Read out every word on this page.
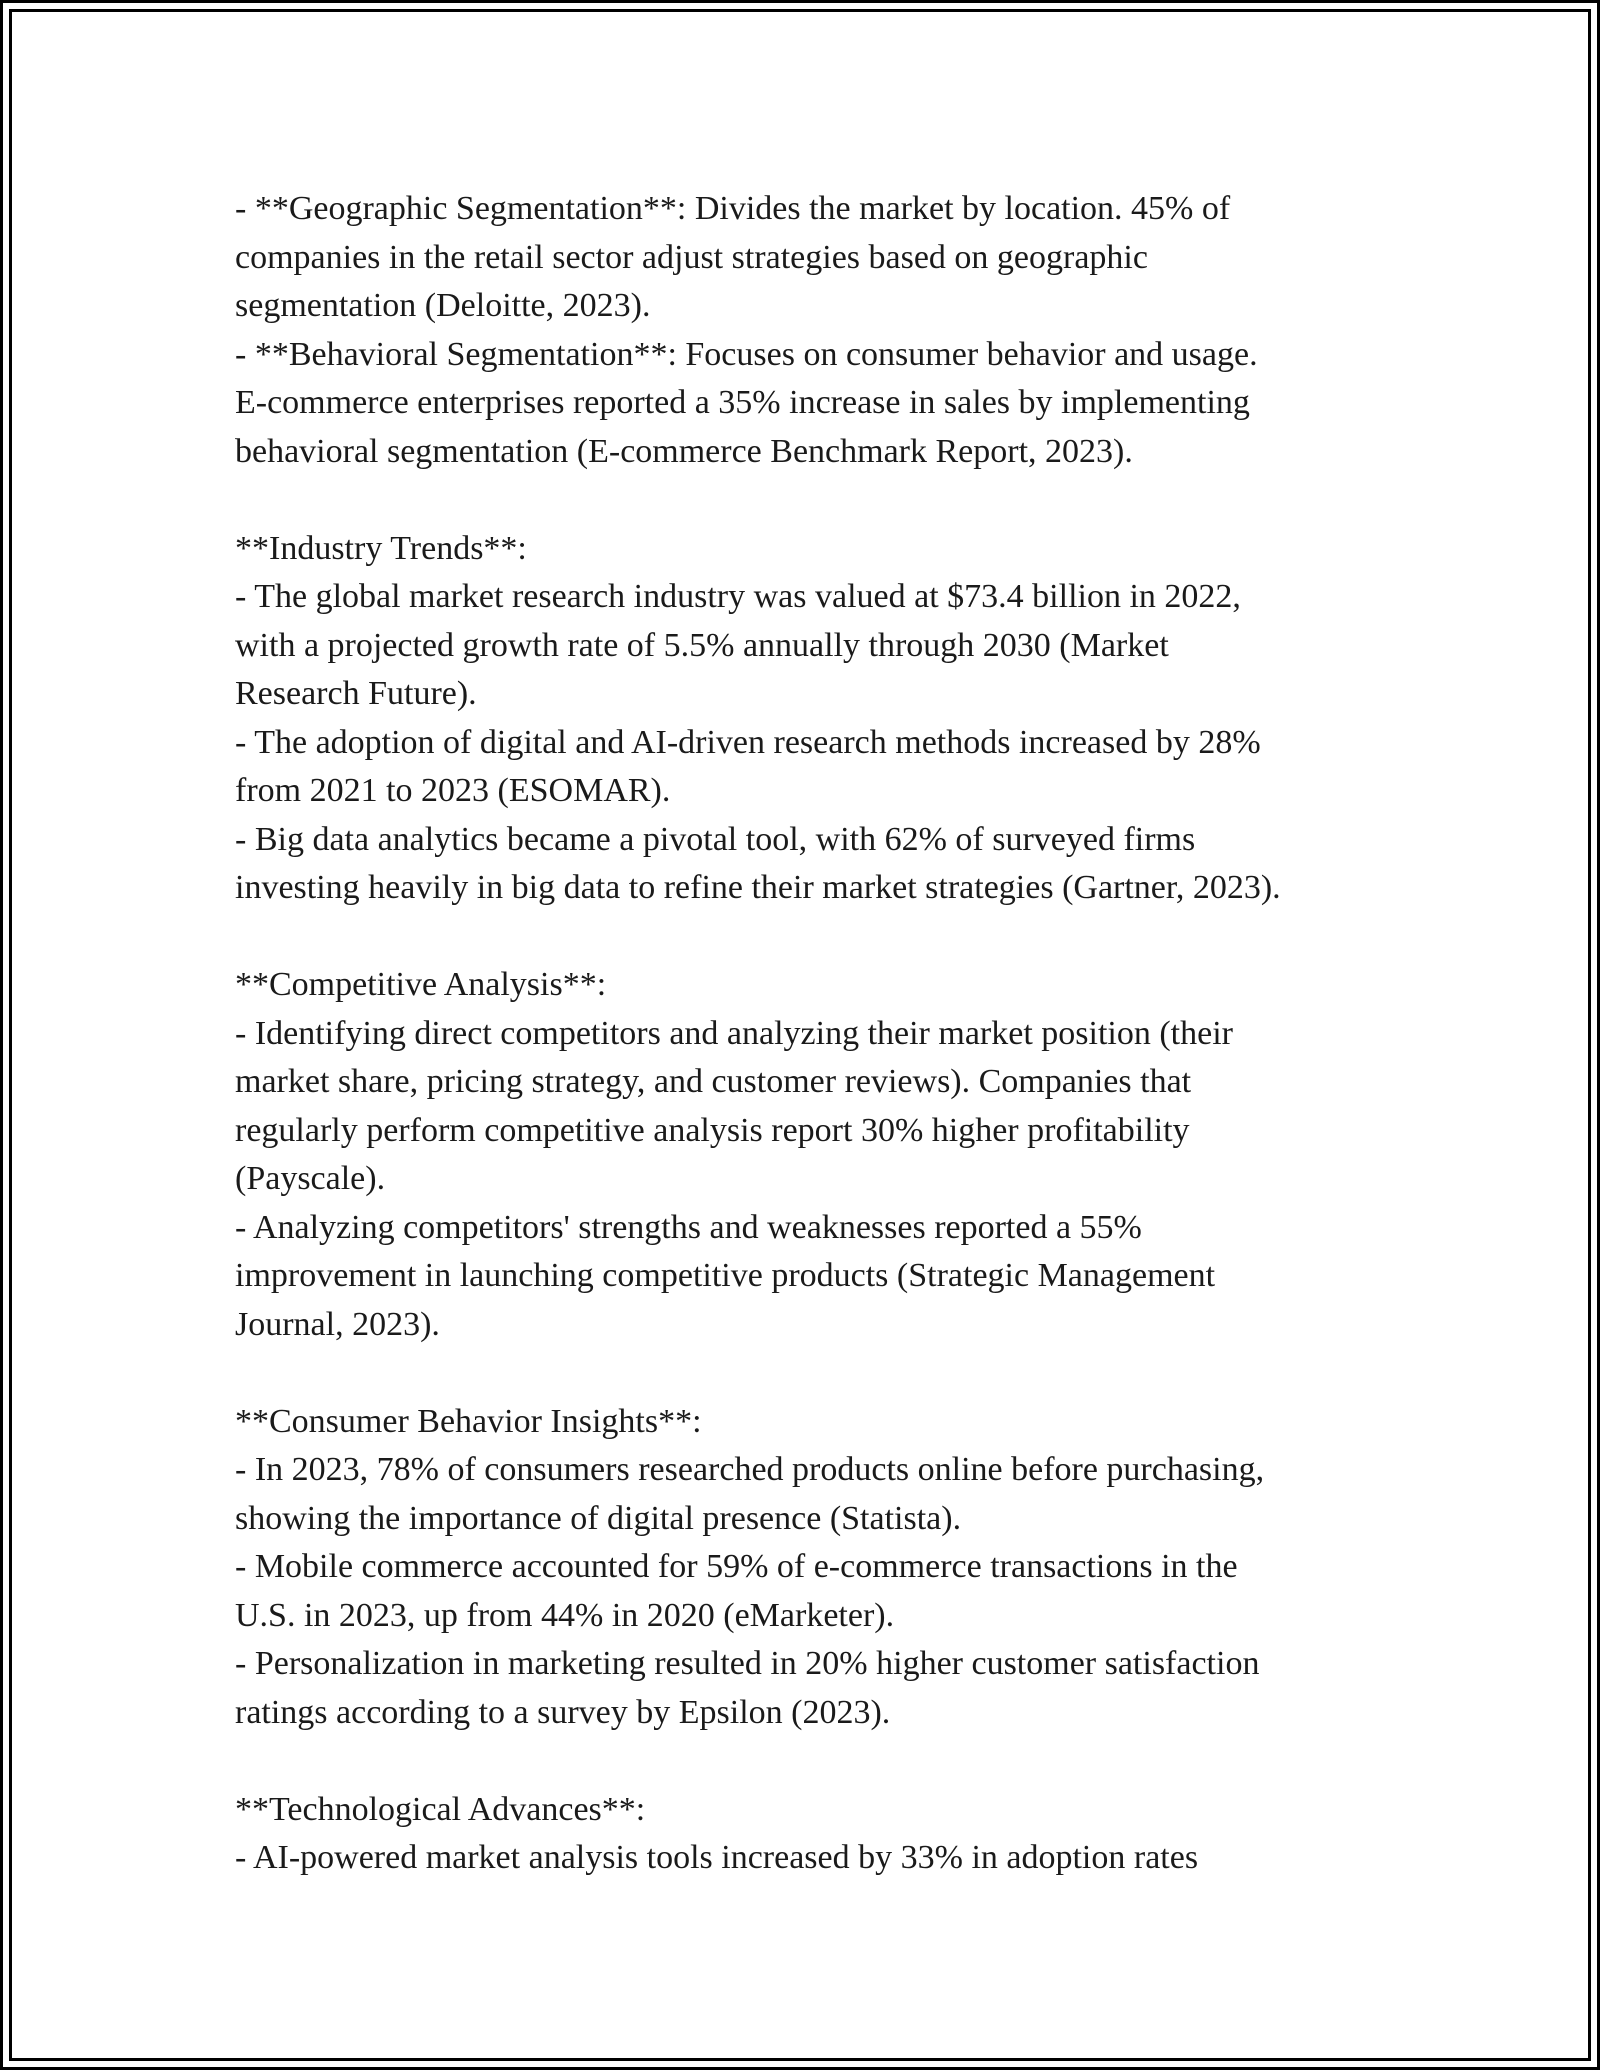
- **Geographic Segmentation**: Divides the market by location. 45% of
companies in the retail sector adjust strategies based on geographic
segmentation (Deloitte, 2023).
- **Behavioral Segmentation**: Focuses on consumer behavior and usage.
E-commerce enterprises reported a 35% increase in sales by implementing
behavioral segmentation (E-commerce Benchmark Report, 2023).
**Industry Trends**:
- The global market research industry was valued at $73.4 billion in 2022,
with a projected growth rate of 5.5% annually through 2030 (Market
Research Future).
- The adoption of digital and AI-driven research methods increased by 28%
from 2021 to 2023 (ESOMAR).
- Big data analytics became a pivotal tool, with 62% of surveyed firms
investing heavily in big data to refine their market strategies (Gartner, 2023).
**Competitive Analysis**:
- Identifying direct competitors and analyzing their market position (their
market share, pricing strategy, and customer reviews). Companies that
regularly perform competitive analysis report 30% higher profitability
(Payscale).
- Analyzing competitors' strengths and weaknesses reported a 55%
improvement in launching competitive products (Strategic Management
Journal, 2023).
**Consumer Behavior Insights**:
- In 2023, 78% of consumers researched products online before purchasing,
showing the importance of digital presence (Statista).
- Mobile commerce accounted for 59% of e-commerce transactions in the
U.S. in 2023, up from 44% in 2020 (eMarketer).
- Personalization in marketing resulted in 20% higher customer satisfaction
ratings according to a survey by Epsilon (2023).
**Technological Advances**:
- AI-powered market analysis tools increased by 33% in adoption rates
